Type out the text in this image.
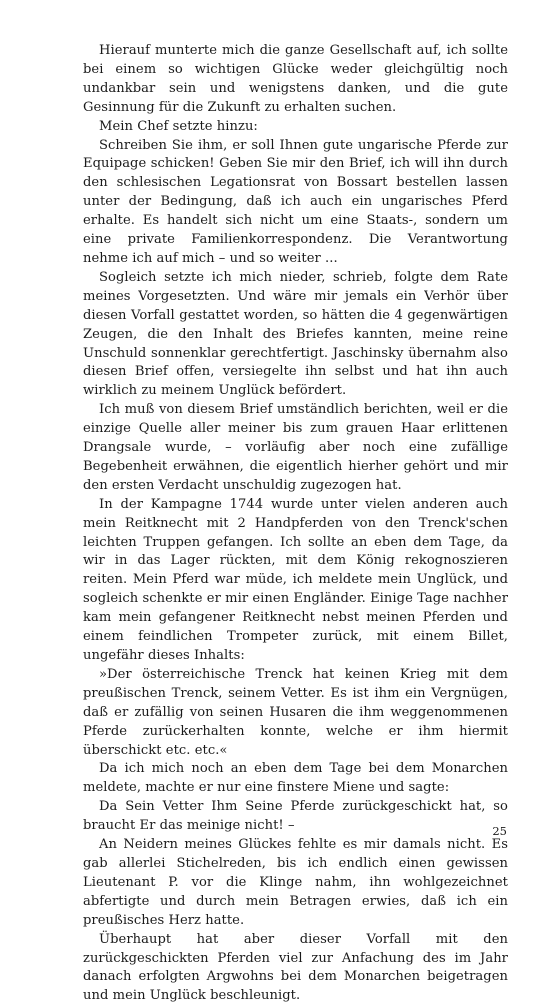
Hierauf munterte mich die ganze Gesellschaft auf, ich sollte bei einem so wichtigen Glücke weder gleichgültig noch undankbar sein und wenigstens danken, und die gute Gesinnung für die Zukunft zu erhalten suchen.

Mein Chef setzte hinzu:

Schreiben Sie ihm, er soll Ihnen gute ungarische Pferde zur Equipage schicken! Geben Sie mir den Brief, ich will ihn durch den schlesischen Legationsrat von Bossart bestellen lassen unter der Bedingung, daß ich auch ein ungarisches Pferd erhalte. Es handelt sich nicht um eine Staats-, sondern um eine private Familienkorrespondenz. Die Verantwortung nehme ich auf mich – und so weiter ...

Sogleich setzte ich mich nieder, schrieb, folgte dem Rate meines Vorgesetzten. Und wäre mir jemals ein Verhör über diesen Vorfall gestattet worden, so hätten die 4 gegenwärtigen Zeugen, die den Inhalt des Briefes kannten, meine reine Unschuld sonnenklar gerechtfertigt. Jaschinsky übernahm also diesen Brief offen, versiegelte ihn selbst und hat ihn auch wirklich zu meinem Unglück befördert.

Ich muß von diesem Brief umständlich berichten, weil er die einzige Quelle aller meiner bis zum grauen Haar erlittenen Drangsale wurde, – vorläufig aber noch eine zufällige Begebenheit erwähnen, die eigentlich hierher gehört und mir den ersten Verdacht unschuldig zugezogen hat.

In der Kampagne 1744 wurde unter vielen anderen auch mein Reitknecht mit 2 Handpferden von den Trenck'schen leichten Truppen gefangen. Ich sollte an eben dem Tage, da wir in das Lager rückten, mit dem König rekognoszieren reiten. Mein Pferd war müde, ich meldete mein Unglück, und sogleich schenkte er mir einen Engländer. Einige Tage nachher kam mein gefangener Reitknecht nebst meinen Pferden und einem feindlichen Trompeter zurück, mit einem Billet, ungefähr dieses Inhalts:

»Der österreichische Trenck hat keinen Krieg mit dem preußischen Trenck, seinem Vetter. Es ist ihm ein Vergnügen, daß er zufällig von seinen Husaren die ihm weggenommenen Pferde zurückerhalten konnte, welche er ihm hiermit überschickt etc. etc.«

Da ich mich noch an eben dem Tage bei dem Monarchen meldete, machte er nur eine finstere Miene und sagte:

Da Sein Vetter Ihm Seine Pferde zurückgeschickt hat, so braucht Er das meinige nicht! –

An Neidern meines Glückes fehlte es mir damals nicht. Es gab allerlei Stichelreden, bis ich endlich einen gewissen Lieutenant P. vor die Klinge nahm, ihn wohlgezeichnet abfertigte und durch mein Betragen erwies, daß ich ein preußisches Herz hatte.

Überhaupt hat aber dieser Vorfall mit den zurückgeschickten Pferden viel zur Anfachung des im Jahr danach erfolgten Argwohns bei dem Monarchen beigetragen und mein Unglück beschleunigt.

25
